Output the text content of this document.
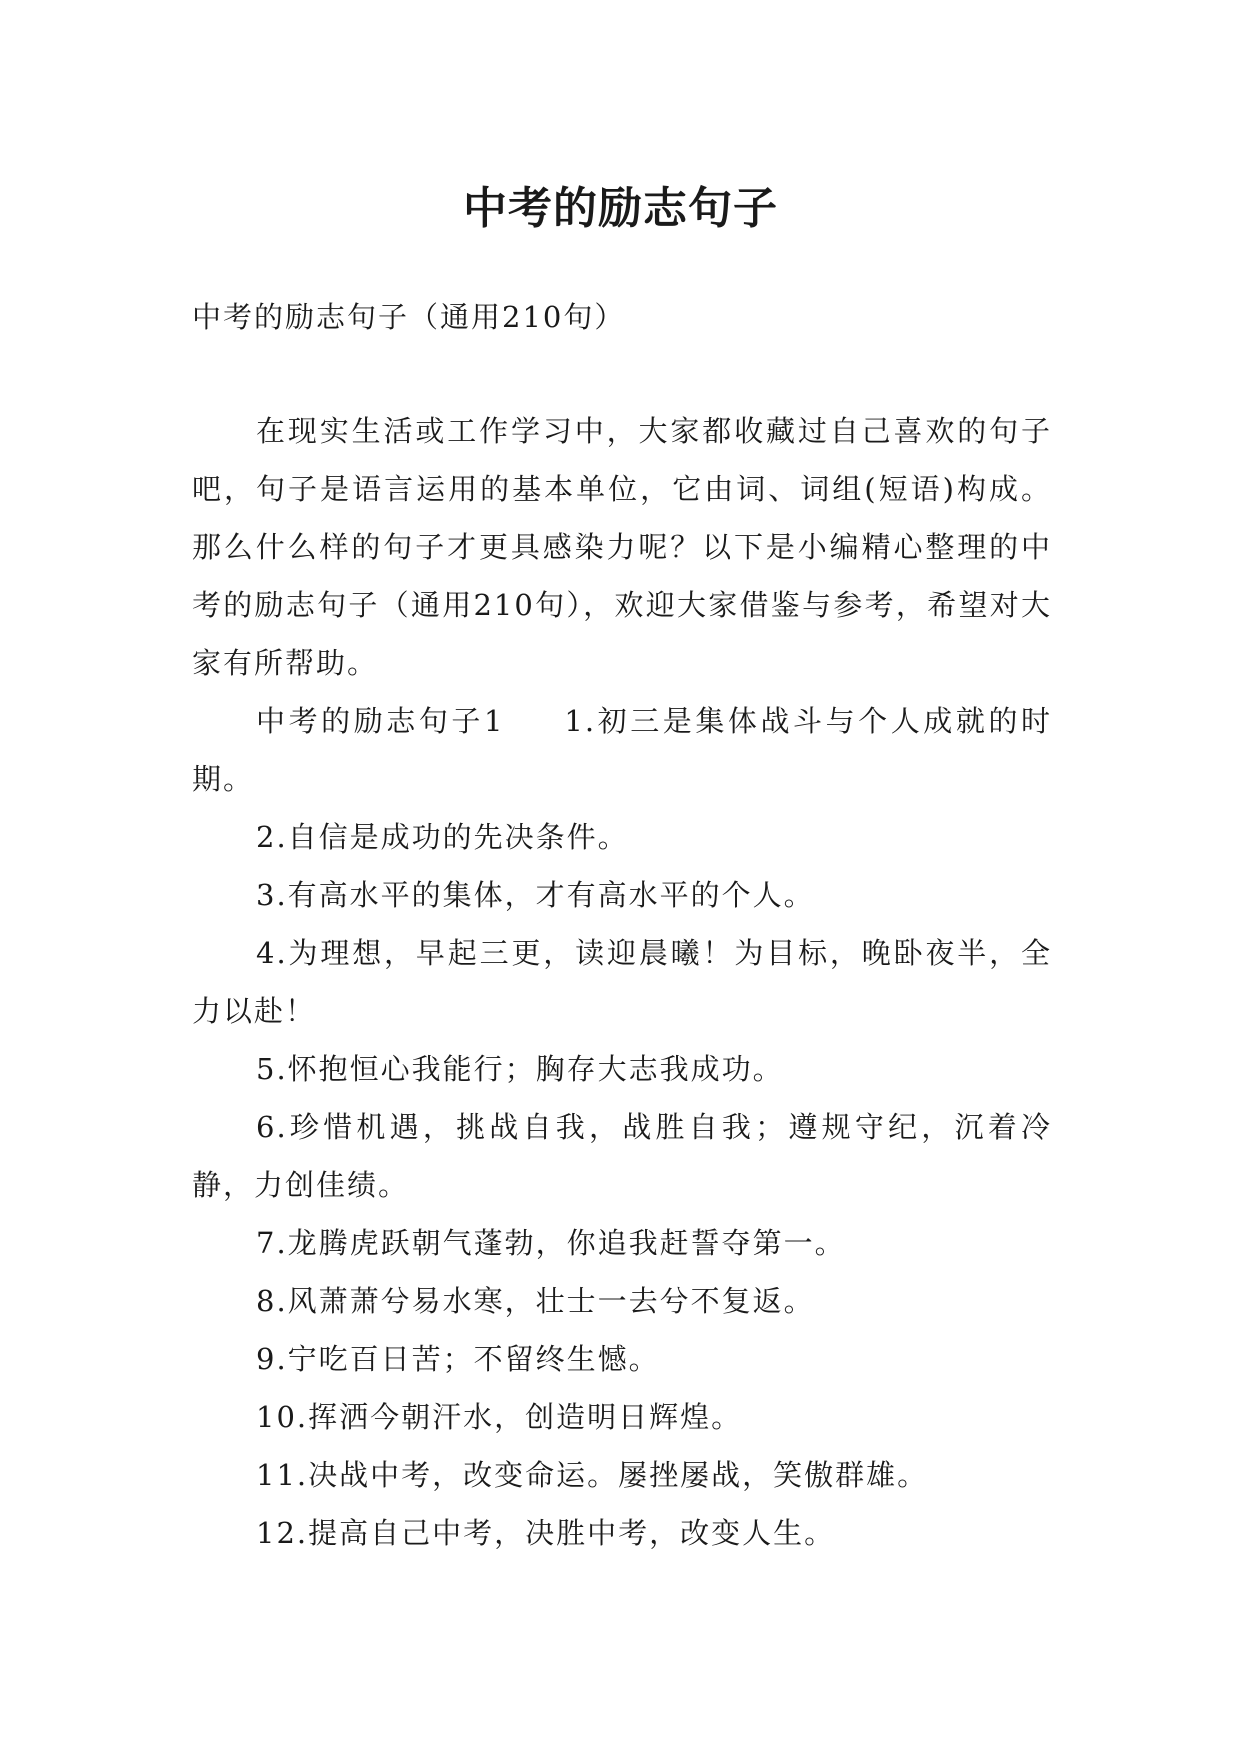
中考的励志句子

中考的励志句子（通用210句）

在现实生活或工作学习中，大家都收藏过自己喜欢的句子吧，句子是语言运用的基本单位，它由词、词组(短语)构成。那么什么样的句子才更具感染力呢？以下是小编精心整理的中考的励志句子（通用210句），欢迎大家借鉴与参考，希望对大家有所帮助。

中考的励志句子1 1.初三是集体战斗与个人成就的时期。

2.自信是成功的先决条件。

3.有高水平的集体，才有高水平的个人。

4.为理想，早起三更，读迎晨曦！为目标，晚卧夜半，全力以赴！

5.怀抱恒心我能行；胸存大志我成功。

6.珍惜机遇，挑战自我，战胜自我；遵规守纪，沉着冷静，力创佳绩。

7.龙腾虎跃朝气蓬勃，你追我赶誓夺第一。

8.风萧萧兮易水寒，壮士一去兮不复返。

9.宁吃百日苦；不留终生憾。

10.挥洒今朝汗水，创造明日辉煌。

11.决战中考，改变命运。屡挫屡战，笑傲群雄。

12.提高自己中考，决胜中考，改变人生。
